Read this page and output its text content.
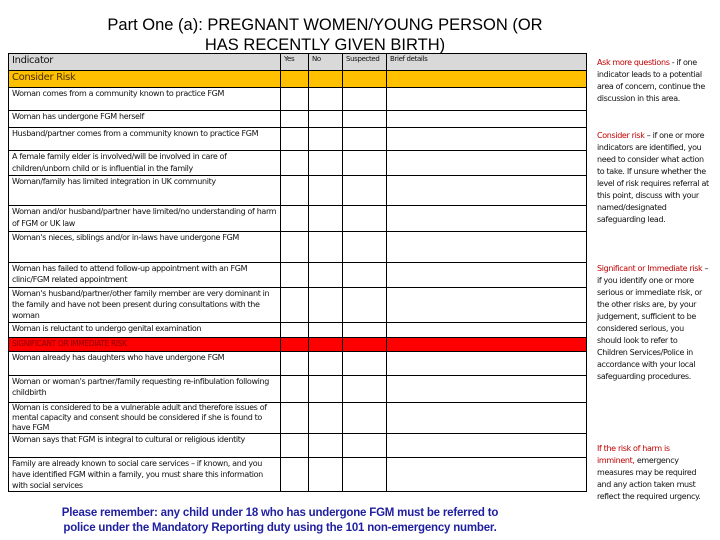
Part One (a): PREGNANT WOMEN/YOUNG PERSON (OR
HAS RECENTLY GIVEN BIRTH)
Indicator	Yes	No	Suspected	Brief details
Consider Risk				
Woman comes from a community known to practice FGM				
Woman has undergone FGM herself				
Husband/partner comes from a community known to practice FGM				
A female family elder is involved/will be involved in care of children/unborn child or is influential in the family				
Woman/family has limited integration in UK community				
Woman and/or husband/partner have limited/no understanding of harm of FGM or UK law				
Woman's nieces, siblings and/or in-laws have undergone FGM				
Woman has failed to attend follow-up appointment with an FGM clinic/FGM related appointment				
Woman's husband/partner/other family member are very dominant in the family and have not been present during consultations with the woman				
Woman is reluctant to undergo genital examination				
SIGNIFICANT OR IMMEDIATE RISK				
Woman already has daughters who have undergone FGM				
Woman or woman's partner/family requesting re-infibulation following childbirth				
Woman is considered to be a vulnerable adult and therefore issues of mental capacity and consent should be considered if she is found to have FGM				
Woman says that FGM is integral to cultural or religious identity				
Family are already known to social care services – if known, and you have identified FGM within a family, you must share this information with social services				
Ask more questions - if one indicator leads to a potential area of concern, continue the discussion in this area.
Consider risk – if one or more indicators are identified, you need to consider what action to take. If unsure whether the level of risk requires referral at this point, discuss with your named/designated safeguarding lead.
Significant or Immediate risk – if you identify one or more serious or immediate risk, or the other risks are, by your judgement, sufficient to be considered serious, you should look to refer to Children Services/Police in accordance with your local safeguarding procedures.
If the risk of harm is imminent, emergency measures may be required and any action taken must reflect the required urgency.
Please remember: any child under 18 who has undergone FGM must be referred to
police under the Mandatory Reporting duty using the 101 non-emergency number.
